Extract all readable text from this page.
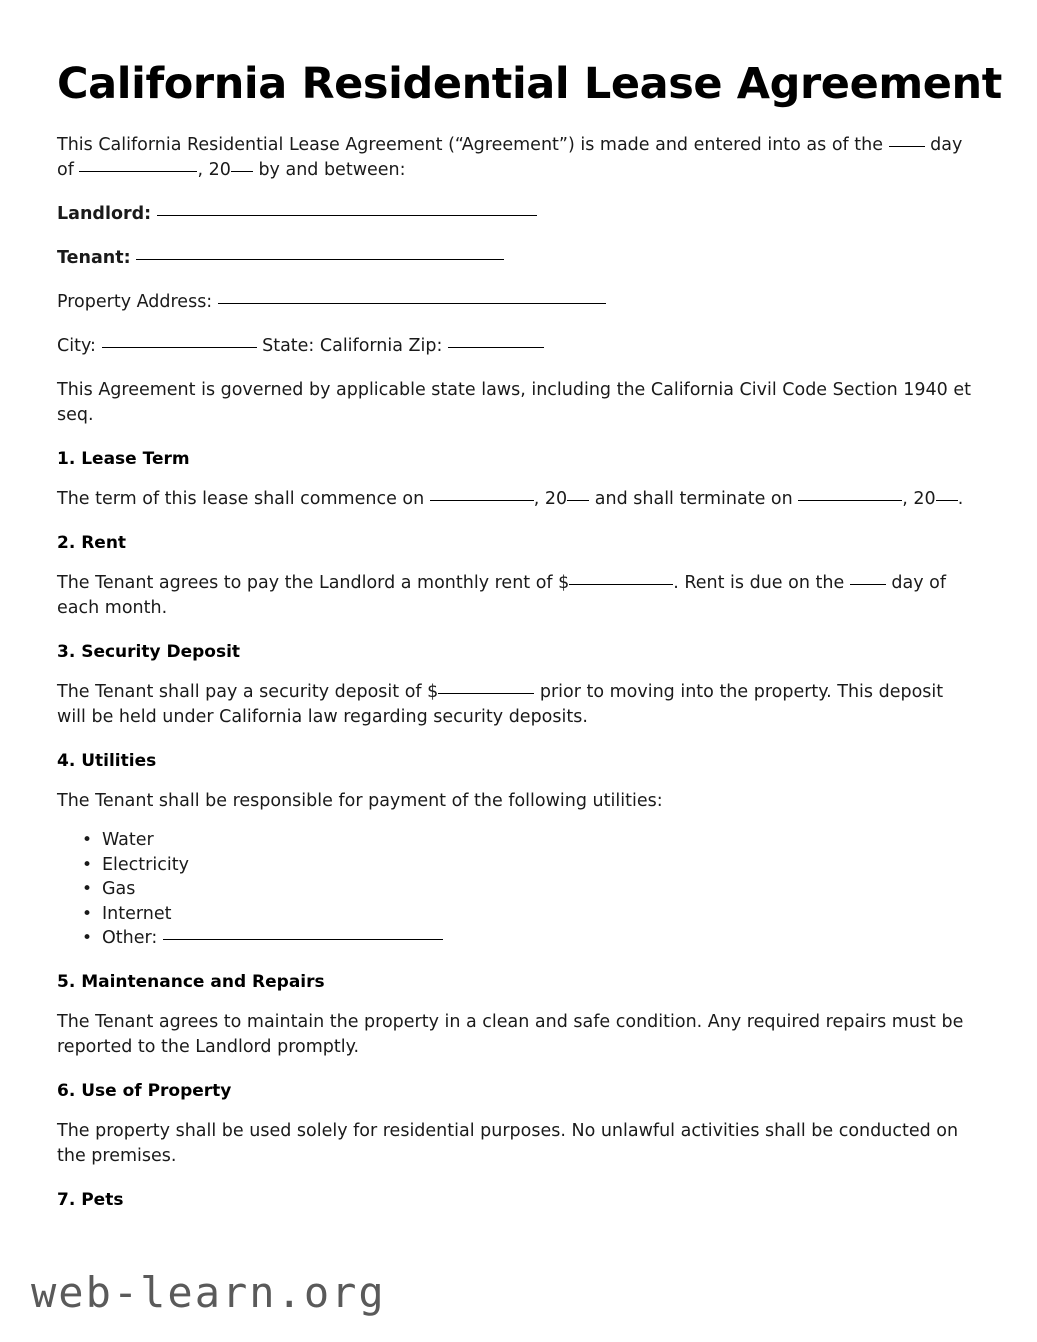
California Residential Lease Agreement

This California Residential Lease Agreement (“Agreement”) is made and entered into as of the	day of	, 20 by and between:

Landlord:

Tenant:

Property Address:

City:	State: California Zip:

This Agreement is governed by applicable state laws, including the California Civil Code Section 1940 et seq.

1. Lease Term

The term of this lease shall commence on	, 20 and shall terminate on	, 20 .

2. Rent

The Tenant agrees to pay the Landlord a monthly rent of $	. Rent is due on the	day of each month.

3. Security Deposit

The Tenant shall pay a security deposit of $	prior to moving into the property. This deposit will be held under California law regarding security deposits.

4. Utilities

The Tenant shall be responsible for payment of the following utilities:

• Water
• Electricity
• Gas
• Internet
• Other:
5. Maintenance and Repairs

The Tenant agrees to maintain the property in a clean and safe condition. Any required repairs must be reported to the Landlord promptly.

6. Use of Property

The property shall be used solely for residential purposes. No unlawful activities shall be conducted on the premises.

7. Pets
web-learn.org
